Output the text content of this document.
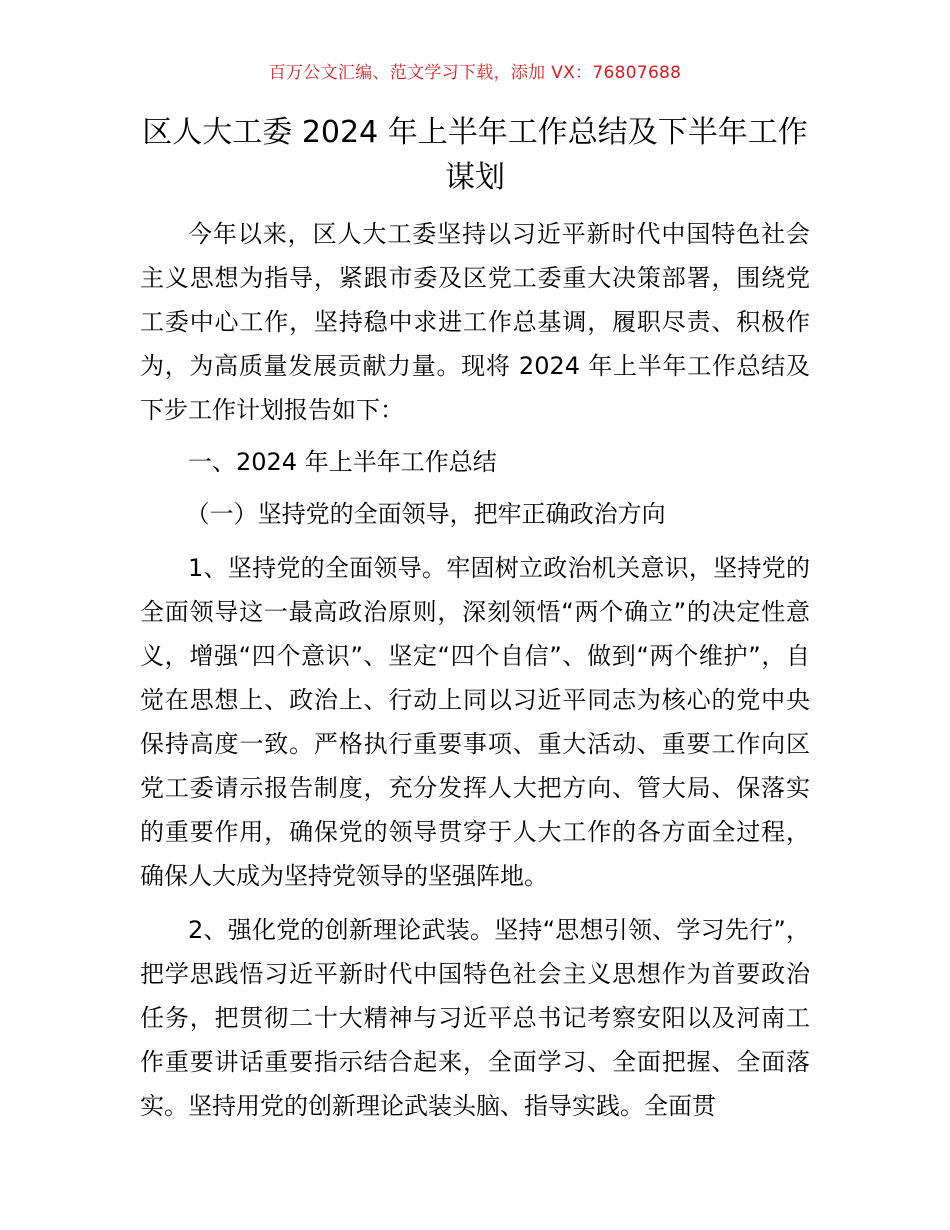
百万公文汇编、范文学习下载，添加 VX：76807688
区人大工委 2024 年上半年工作总结及下半年工作谋划

今年以来，区人大工委坚持以习近平新时代中国特色社会主义思想为指导，紧跟市委及区党工委重大决策部署，围绕党工委中心工作，坚持稳中求进工作总基调，履职尽责、积极作为，为高质量发展贡献力量。现将 2024 年上半年工作总结及下步工作计划报告如下：

一、2024 年上半年工作总结

（一）坚持党的全面领导，把牢正确政治方向

1、坚持党的全面领导。牢固树立政治机关意识，坚持党的全面领导这一最高政治原则，深刻领悟“两个确立”的决定性意义，增强“四个意识”、坚定“四个自信”、做到“两个维护”，自觉在思想上、政治上、行动上同以习近平同志为核心的党中央保持高度一致。严格执行重要事项、重大活动、重要工作向区党工委请示报告制度，充分发挥人大把方向、管大局、保落实的重要作用，确保党的领导贯穿于人大工作的各方面全过程，确保人大成为坚持党领导的坚强阵地。

2、强化党的创新理论武装。坚持“思想引领、学习先行”，把学思践悟习近平新时代中国特色社会主义思想作为首要政治任务，把贯彻二十大精神与习近平总书记考察安阳以及河南工作重要讲话重要指示结合起来，全面学习、全面把握、全面落实。坚持用党的创新理论武装头脑、指导实践。全面贯
